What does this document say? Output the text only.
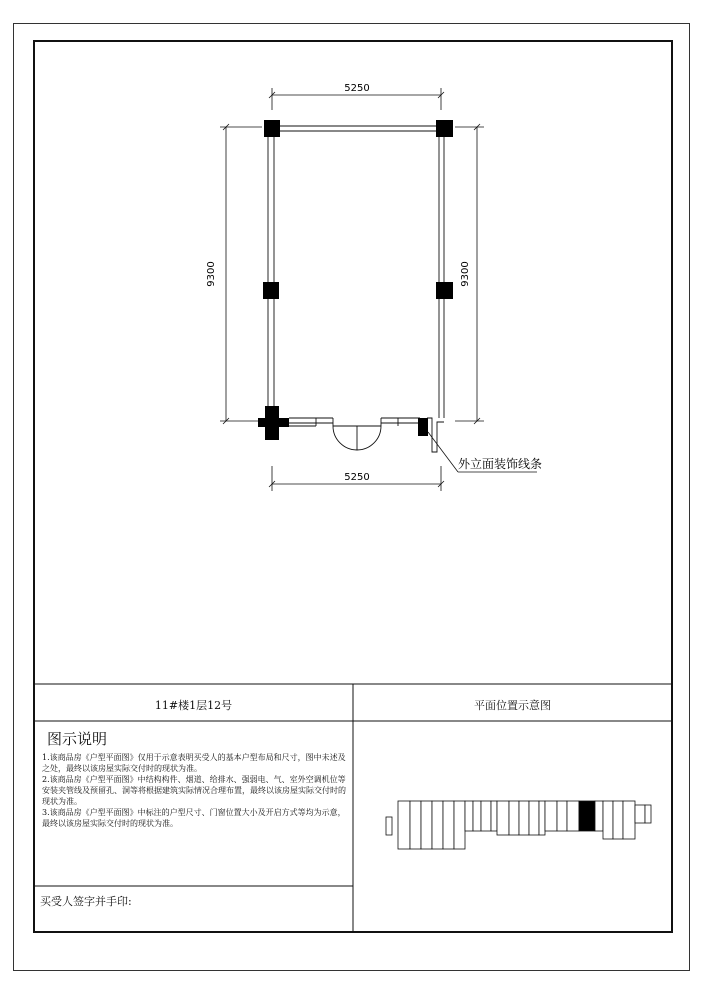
5250
9300	9300
外立面装饰线条
5250
11#楼1层12号	平面位置示意图
图示说明

1.该商品房《户型平面图》仅用于示意表明买受人的基本户型布局和尺寸，图中未述及之处，最终以该房屋实际交付时的现状为准。

2.该商品房《户型平面图》中结构构件、烟道、给排水、强弱电、气、室外空调机位等安装夹管线及预留孔、洞等将根据建筑实际情况合理布置，最终以该房屋实际交付时的现状为准。

3.该商品房《户型平面图》中标注的户型尺寸、门窗位置大小及开启方式等均为示意，最终以该房屋实际交付时的现状为准。

买受人签字并手印:
